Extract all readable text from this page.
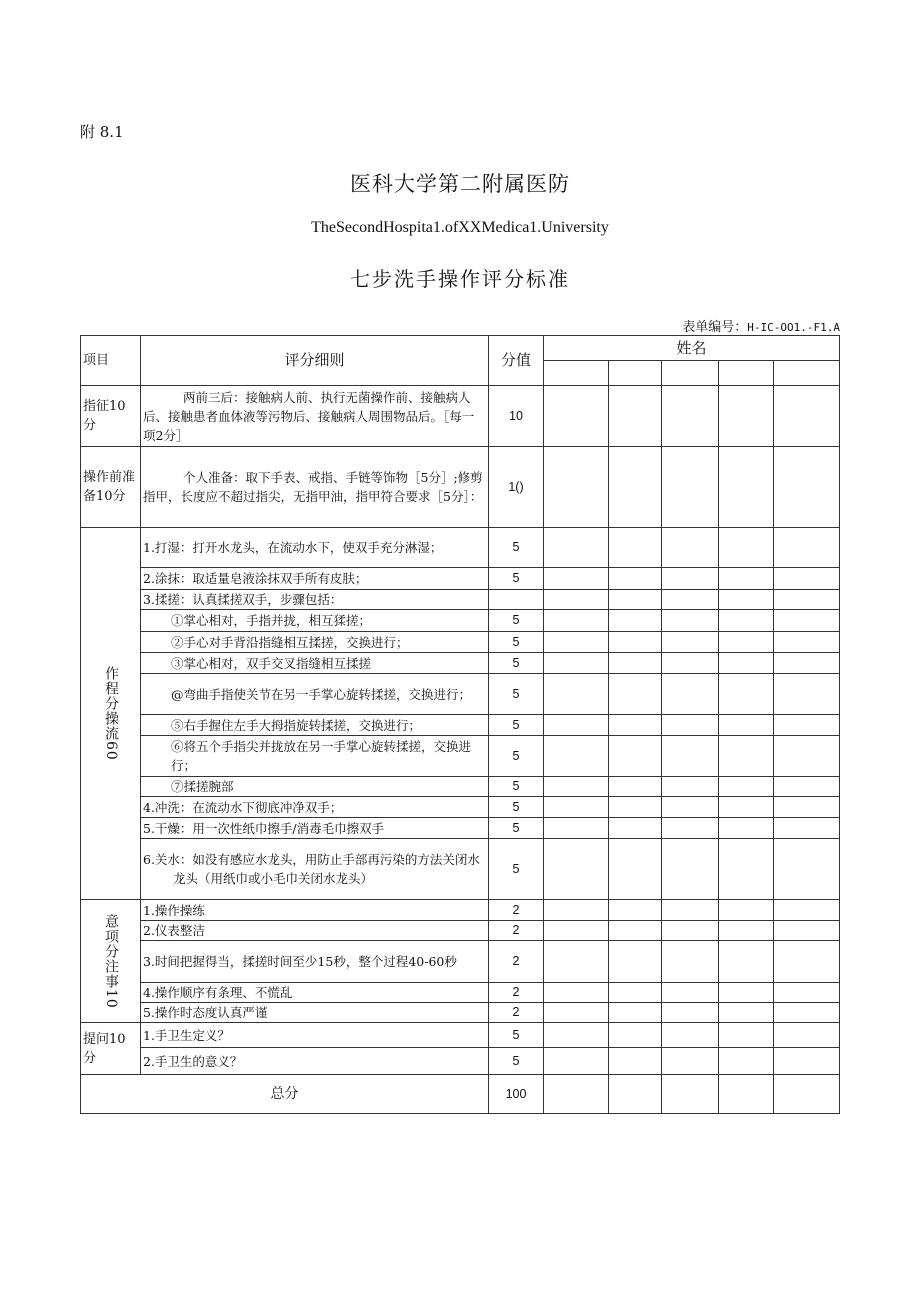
附 8.1
医科大学第二附属医防
TheSecondHospita1.ofXXMedica1.University
七步洗手操作评分标准
表单编号：H-IC-OO1.-F1.A
项目	评分细则	分值	姓名				

指征10分	两前三后：接触病人前、执行无菌操作前、接触病人后、接触患者血体液等污物后、接触病人周围物品后。［每一项2分］	10					
操作前准备10分	个人准备：取下手表、戒指、手链等饰物［5分］;修剪指甲，长度应不超过指尖，无指甲油，指甲符合要求［5分］：	1()					
作程分操流60	1.打湿：打开水龙头，在流动水下，使双手充分淋湿；	5					
	2.涂抹：取适量皂液涂抹双手所有皮肤；	5					
	3.揉搓：认真揉搓双手，步骤包括：						
	①掌心相对，手指并拢，相互猱搓；	5					
	②手心对手背沿指缝相互揉搓，交换进行；	5					
	③掌心相对，双手交叉指缝相互揉搓	5					
	@弯曲手指使关节在另一手掌心旋转揉搓，交换进行；	5					
	⑤右手握住左手大拇指旋转揉搓，交换进行；	5					
	⑥将五个手指尖并拢放在另一手掌心旋转揉搓，交换进行；	5					
	⑦揉搓腕部	5					
	4.冲洗：在流动水下彻底冲净双手；	5					
	5.干燥：用一次性纸巾擦手/消毒毛巾擦双手	5					
	6.关水：如没有感应水龙头，用防止手部再污染的方法关闭水龙头（用纸巾或小毛巾关闭水龙头）	5					
意项分注事10	1.操作操练	2					
	2.仪表整洁	2					
	3.时间把握得当，揉搓时间至少15秒，整个过程40-60秒	2					
	4.操作顺序有条理、不慌乱	2					
	5.操作时态度认真严谨	2					
提问10分	1.手卫生定义？	5					
	2.手卫生的意义？	5					
总分		100					
